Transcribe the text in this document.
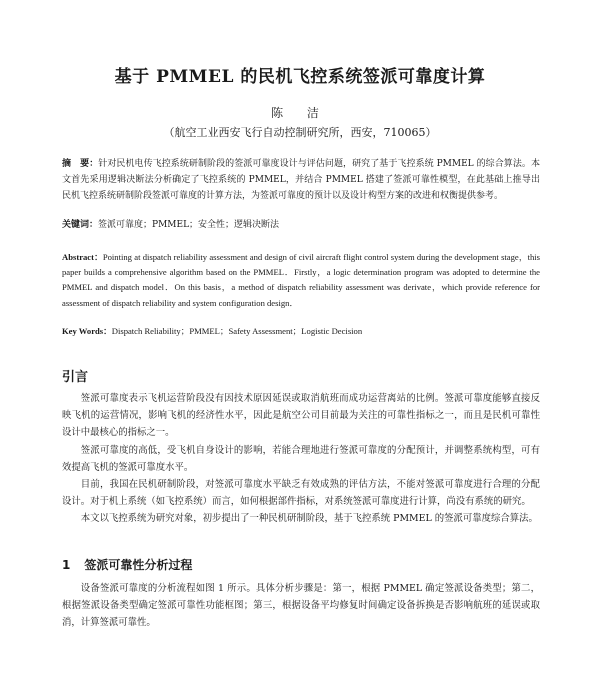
基于 PMMEL 的民机飞控系统签派可靠度计算
陈 洁
（航空工业西安飞行自动控制研究所，西安，710065）
摘　要：针对民机电传飞控系统研制阶段的签派可靠度设计与评估问题，研究了基于飞控系统 PMMEL 的综合算法。本文首先采用逻辑决断法分析确定了飞控系统的 PMMEL，并结合 PMMEL 搭建了签派可靠性模型，在此基础上推导出民机飞控系统研制阶段签派可靠度的计算方法，为签派可靠度的预计以及设计构型方案的改进和权衡提供参考。
关键词：签派可靠度；PMMEL；安全性；逻辑决断法
Abstract：Pointing at dispatch reliability assessment and design of civil aircraft flight control system during the development stage，this paper builds a comprehensive algorithm based on the PMMEL．Firstly，a logic determination program was adopted to determine the PMMEL and dispatch model．On this basis，a method of dispatch reliability assessment was derivate，which provide reference for assessment of dispatch reliability and system configuration design．
Key Words：Dispatch Reliability；PMMEL；Safety Assessment；Logistic Decision
引言

签派可靠度表示飞机运营阶段没有因技术原因延误或取消航班而成功运营离站的比例。签派可靠度能够直接反映飞机的运营情况，影响飞机的经济性水平，因此是航空公司目前最为关注的可靠性指标之一，而且是民机可靠性设计中最核心的指标之一。

签派可靠度的高低，受飞机自身设计的影响，若能合理地进行签派可靠度的分配预计，并调整系统构型，可有效提高飞机的签派可靠度水平。

目前，我国在民机研制阶段，对签派可靠度水平缺乏有效成熟的评估方法，不能对签派可靠度进行合理的分配设计。对于机上系统（如飞控系统）而言，如何根据部件指标，对系统签派可靠度进行计算，尚没有系统的研究。

本文以飞控系统为研究对象，初步提出了一种民机研制阶段，基于飞控系统 PMMEL 的签派可靠度综合算法。

1 签派可靠性分析过程

设备签派可靠度的分析流程如图 1 所示。具体分析步骤是：第一，根据 PMMEL 确定签派设备类型；第二，根据签派设备类型确定签派可靠性功能框图；第三，根据设备平均修复时间确定设备拆换是否影响航班的延误或取消，计算签派可靠性。
